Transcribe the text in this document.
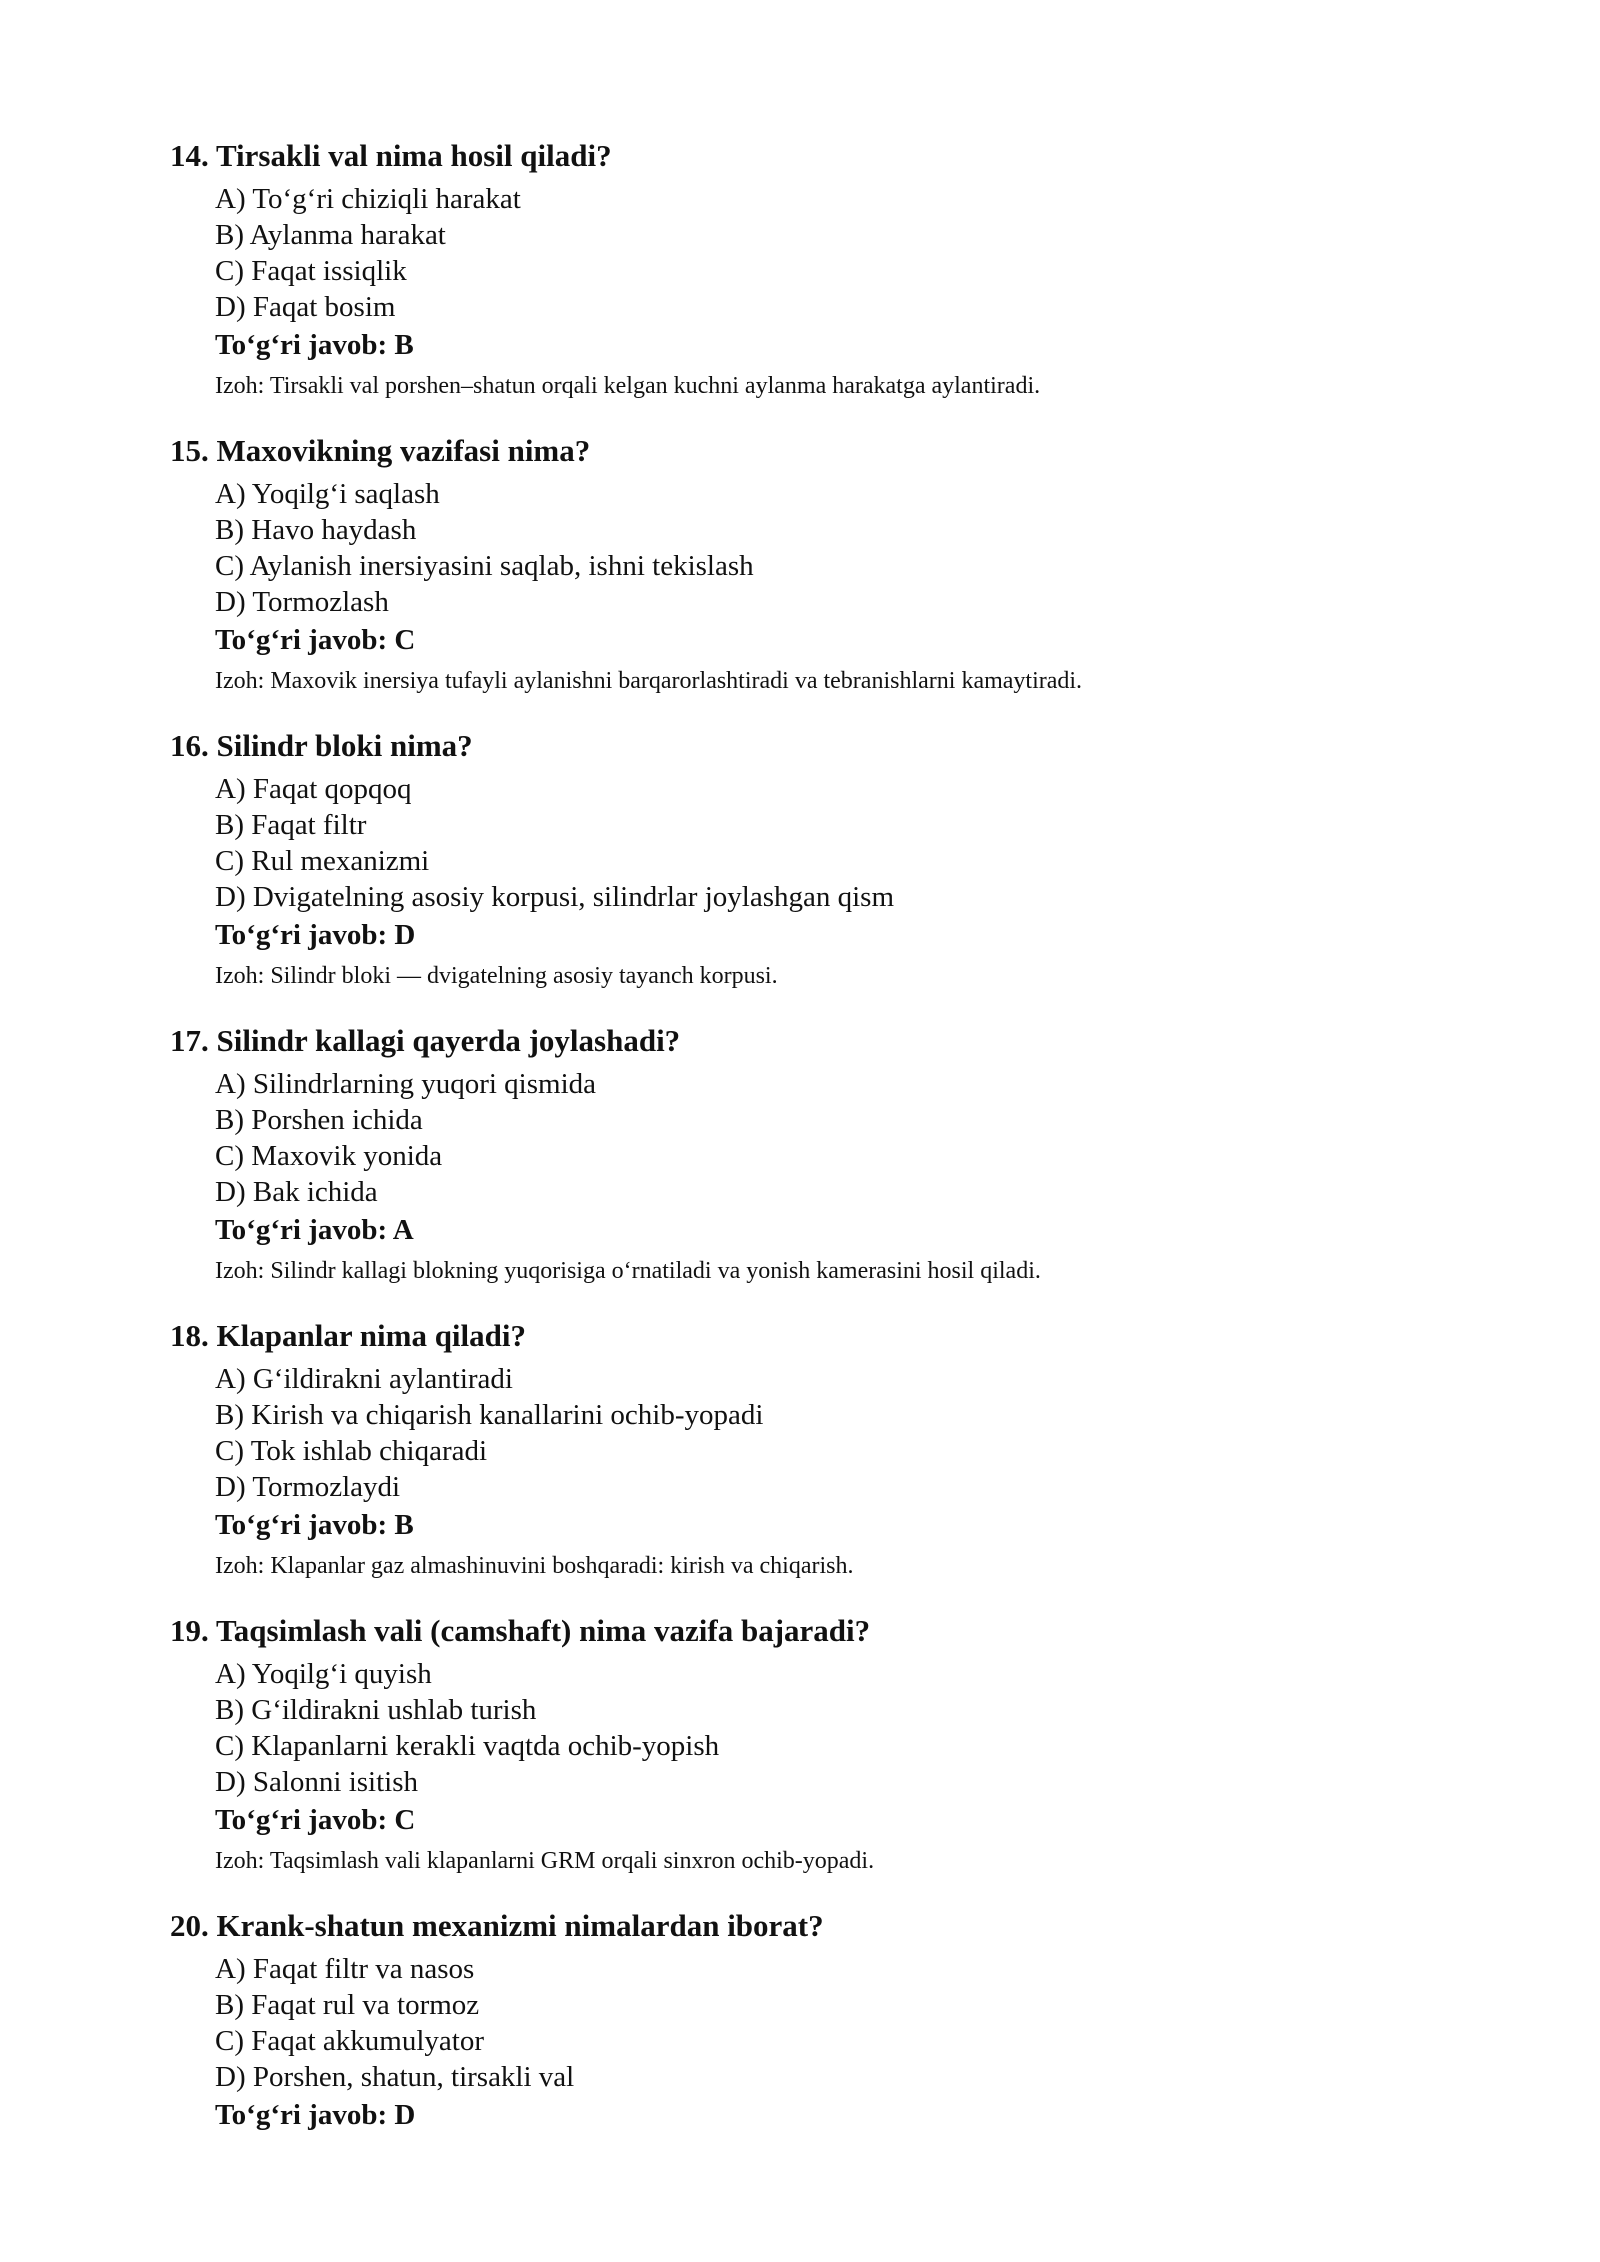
14. Tirsakli val nima hosil qiladi?
A) To‘g‘ri chiziqli harakat
B) Aylanma harakat
C) Faqat issiqlik
D) Faqat bosim
To‘g‘ri javob: B
Izoh: Tirsakli val porshen–shatun orqali kelgan kuchni aylanma harakatga aylantiradi.
15. Maxovikning vazifasi nima?
A) Yoqilg‘i saqlash
B) Havo haydash
C) Aylanish inersiyasini saqlab, ishni tekislash
D) Tormozlash
To‘g‘ri javob: C
Izoh: Maxovik inersiya tufayli aylanishni barqarorlashtiradi va tebranishlarni kamaytiradi.
16. Silindr bloki nima?
A) Faqat qopqoq
B) Faqat filtr
C) Rul mexanizmi
D) Dvigatelning asosiy korpusi, silindrlar joylashgan qism
To‘g‘ri javob: D
Izoh: Silindr bloki — dvigatelning asosiy tayanch korpusi.
17. Silindr kallagi qayerda joylashadi?
A) Silindrlarning yuqori qismida
B) Porshen ichida
C) Maxovik yonida
D) Bak ichida
To‘g‘ri javob: A
Izoh: Silindr kallagi blokning yuqorisiga o‘rnatiladi va yonish kamerasini hosil qiladi.
18. Klapanlar nima qiladi?
A) G‘ildirakni aylantiradi
B) Kirish va chiqarish kanallarini ochib-yopadi
C) Tok ishlab chiqaradi
D) Tormozlaydi
To‘g‘ri javob: B
Izoh: Klapanlar gaz almashinuvini boshqaradi: kirish va chiqarish.
19. Taqsimlash vali (camshaft) nima vazifa bajaradi?
A) Yoqilg‘i quyish
B) G‘ildirakni ushlab turish
C) Klapanlarni kerakli vaqtda ochib-yopish
D) Salonni isitish
To‘g‘ri javob: C
Izoh: Taqsimlash vali klapanlarni GRM orqali sinxron ochib-yopadi.
20. Krank-shatun mexanizmi nimalardan iborat?
A) Faqat filtr va nasos
B) Faqat rul va tormoz
C) Faqat akkumulyator
D) Porshen, shatun, tirsakli val
To‘g‘ri javob: D
